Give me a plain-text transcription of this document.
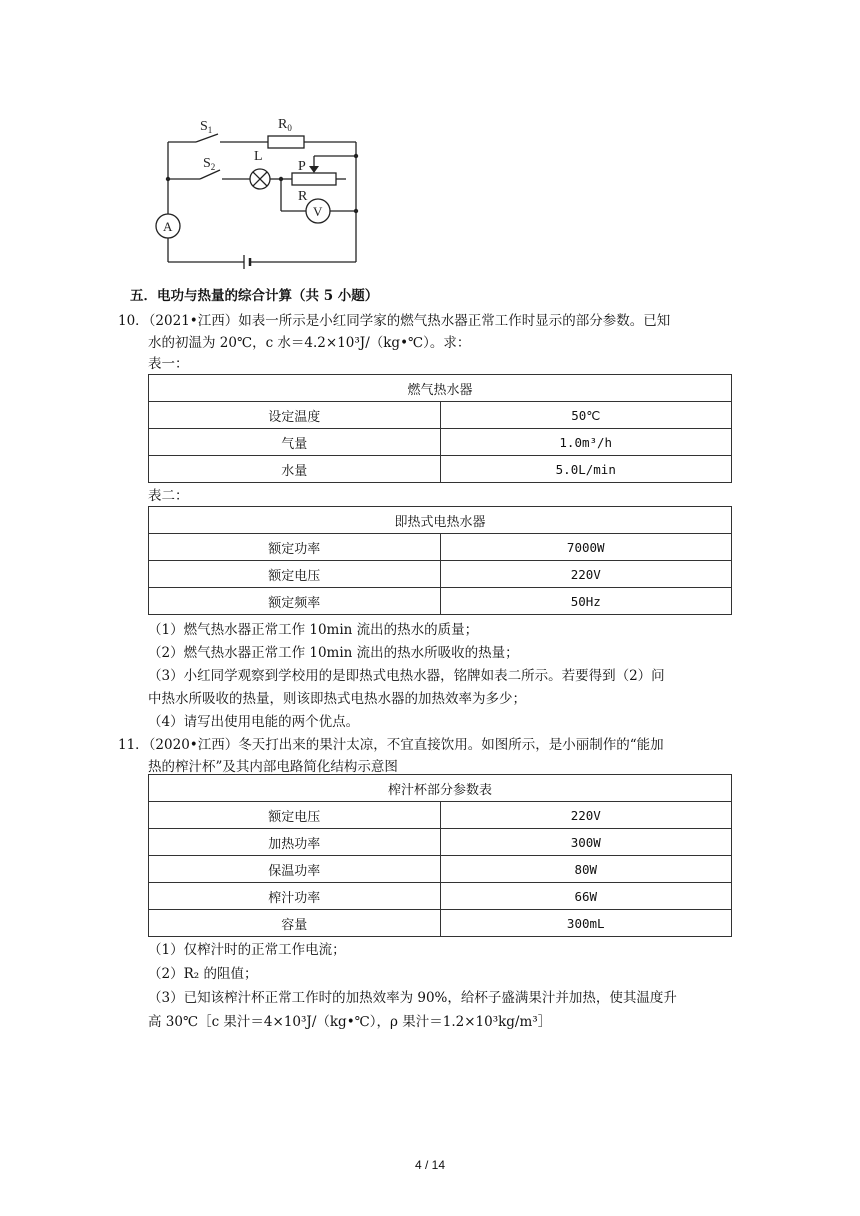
$S_1$	$R_0$
$S_2$
L
P
R
V
A
五．电功与热量的综合计算（共 5 小题）
10．（2021•江西）如表一所示是小红同学家的燃气热水器正常工作时显示的部分参数。已知
水的初温为 20℃，c 水＝4.2×10³J/（kg•℃）。求：
表一：
燃气热水器	
设定温度	50℃
气量	1.0m³/h
水量	5.0L/min
表二：
即热式电热水器	
额定功率	7000W
额定电压	220V
额定频率	50Hz
（1）燃气热水器正常工作 10min 流出的热水的质量；
（2）燃气热水器正常工作 10min 流出的热水所吸收的热量；
（3）小红同学观察到学校用的是即热式电热水器，铭牌如表二所示。若要得到（2）问
中热水所吸收的热量，则该即热式电热水器的加热效率为多少；
（4）请写出使用电能的两个优点。
11．（2020•江西）冬天打出来的果汁太凉，不宜直接饮用。如图所示，是小丽制作的“能加
热的榨汁杯”及其内部电路简化结构示意图
榨汁杯部分参数表	
额定电压	220V
加热功率	300W
保温功率	80W
榨汁功率	66W
容量	300mL
（1）仅榨汁时的正常工作电流；
（2）R₂ 的阻值；
（3）已知该榨汁杯正常工作时的加热效率为 90%，给杯子盛满果汁并加热，使其温度升
高 30℃［c 果汁＝4×10³J/（kg•℃），ρ 果汁＝1.2×10³kg/m³］
4 / 14
